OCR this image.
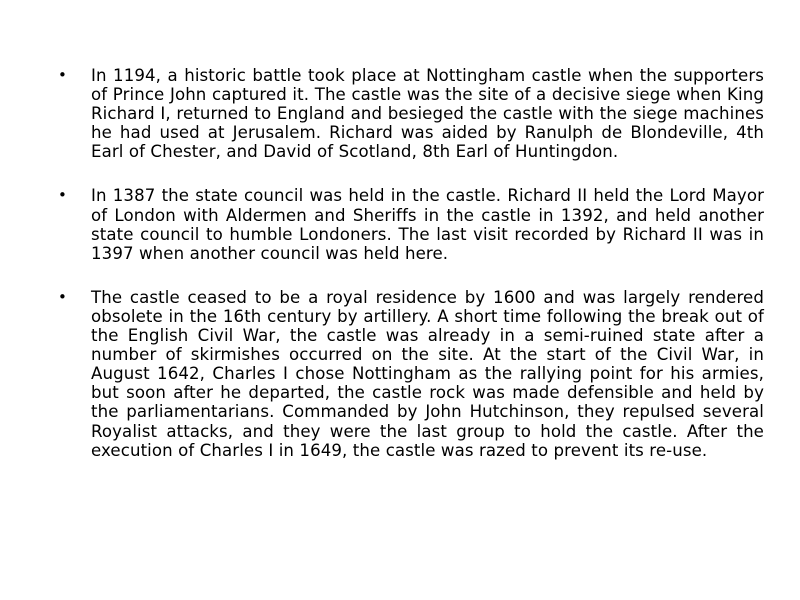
•	In 1194, a historic battle took place at Nottingham castle when the supporters of Prince John captured it. The castle was the site of a decisive siege when King Richard I, returned to England and besieged the castle with the siege machines he had used at Jerusalem. Richard was aided by Ranulph de Blondeville, 4th Earl of Chester, and David of Scotland, 8th Earl of Huntingdon.
•	In 1387 the state council was held in the castle. Richard II held the Lord Mayor of London with Aldermen and Sheriffs in the castle in 1392, and held another state council to humble Londoners. The last visit recorded by Richard II was in 1397 when another council was held here.
•	The castle ceased to be a royal residence by 1600 and was largely rendered obsolete in the 16th century by artillery. A short time following the break out of the English Civil War, the castle was already in a semi-ruined state after a number of skirmishes occurred on the site. At the start of the Civil War, in August 1642, Charles I chose Nottingham as the rallying point for his armies, but soon after he departed, the castle rock was made defensible and held by the parliamentarians. Commanded by John Hutchinson, they repulsed several Royalist attacks, and they were the last group to hold the castle. After the execution of Charles I in 1649, the castle was razed to prevent its re-use.
